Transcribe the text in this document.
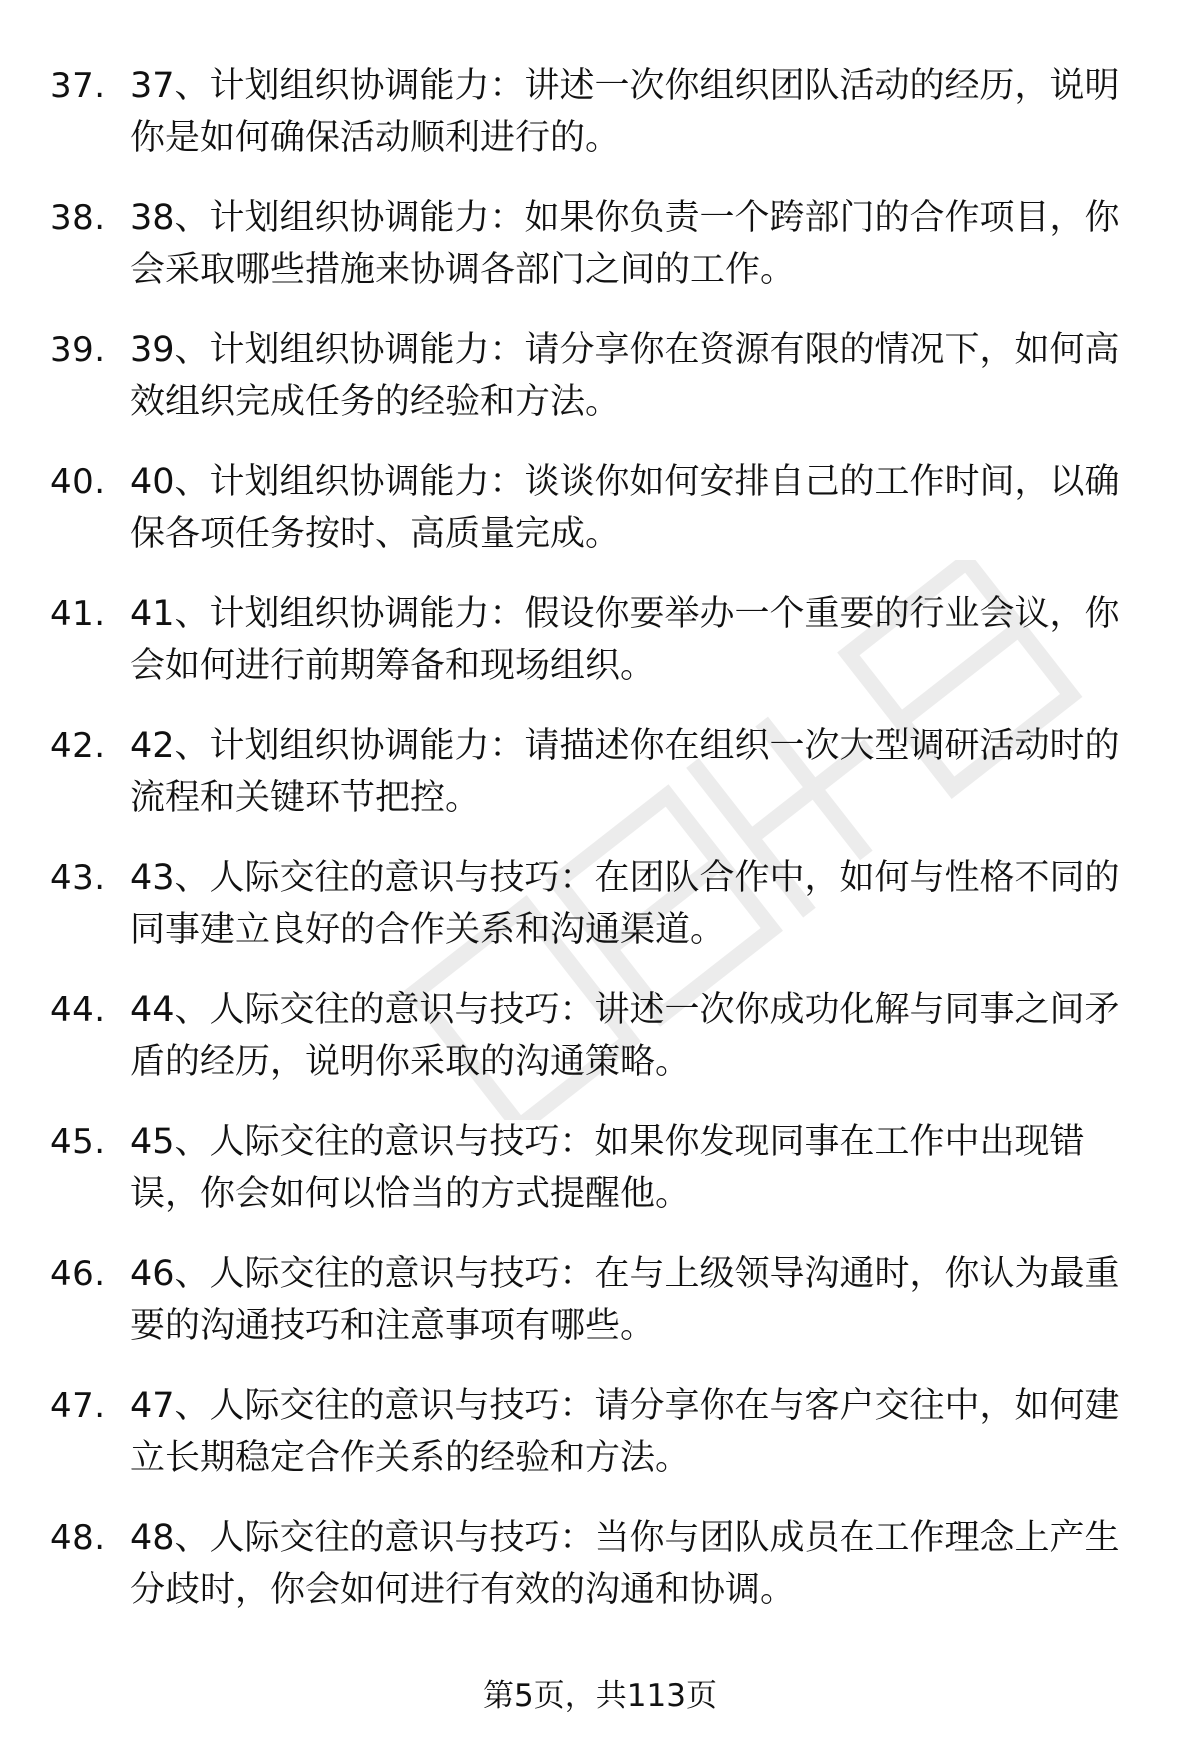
37. 37、计划组织协调能力：讲述一次你组织团队活动的经历，说明你是如何确保活动顺利进行的。
38. 38、计划组织协调能力：如果你负责一个跨部门的合作项目，你会采取哪些措施来协调各部门之间的工作。
39. 39、计划组织协调能力：请分享你在资源有限的情况下，如何高效组织完成任务的经验和方法。
40. 40、计划组织协调能力：谈谈你如何安排自己的工作时间，以确保各项任务按时、高质量完成。
41. 41、计划组织协调能力：假设你要举办一个重要的行业会议，你会如何进行前期筹备和现场组织。
42. 42、计划组织协调能力：请描述你在组织一次大型调研活动时的流程和关键环节把控。
43. 43、人际交往的意识与技巧：在团队合作中，如何与性格不同的同事建立良好的合作关系和沟通渠道。
44. 44、人际交往的意识与技巧：讲述一次你成功化解与同事之间矛盾的经历，说明你采取的沟通策略。
45. 45、人际交往的意识与技巧：如果你发现同事在工作中出现错误，你会如何以恰当的方式提醒他。
46. 46、人际交往的意识与技巧：在与上级领导沟通时，你认为最重要的沟通技巧和注意事项有哪些。
47. 47、人际交往的意识与技巧：请分享你在与客户交往中，如何建立长期稳定合作关系的经验和方法。
48. 48、人际交往的意识与技巧：当你与团队成员在工作理念上产生分歧时，你会如何进行有效的沟通和协调。
第5页，共113页
